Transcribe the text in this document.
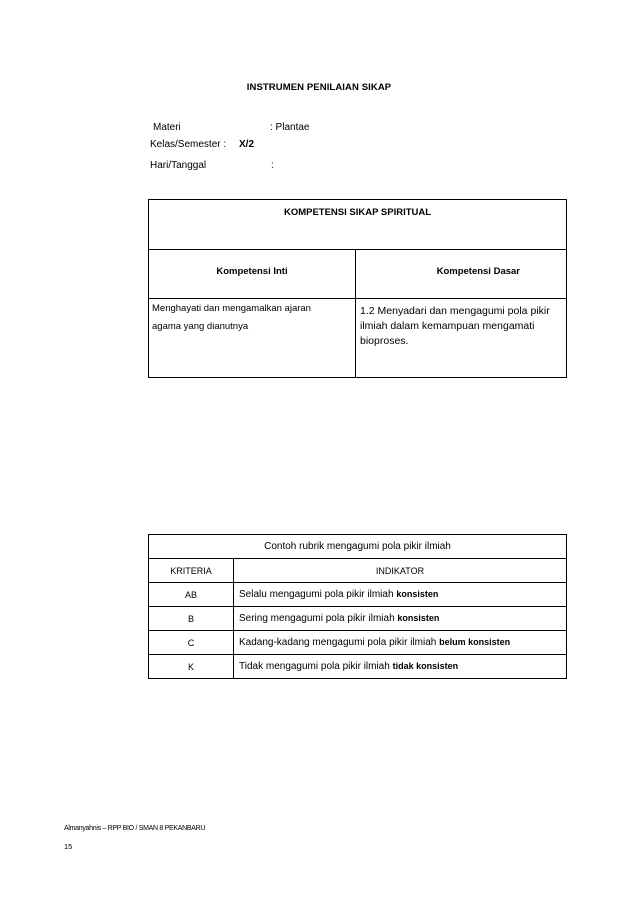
INSTRUMEN PENILAIAN SIKAP
Materi	: Plantae
Kelas/Semester : X/2
Hari/Tanggal	:
KOMPETENSI SIKAP SPIRITUAL	
Kompetensi Inti	Kompetensi Dasar

Menghayati dan mengamalkan ajaran
agama yang dianutnya	1.2 Menyadari dan mengagumi pola pikir ilmiah dalam kemampuan mengamati bioproses.
Contoh rubrik mengagumi pola pikir ilmiah	
KRITERIA	INDIKATOR
AB	Selalu mengagumi pola pikir ilmiah konsisten
B	Sering mengagumi pola pikir ilmiah konsisten
C	Kadang-kadang mengagumi pola pikir ilmiah belum konsisten
K	Tidak mengagumi pola pikir ilmiah tidak konsisten
Almanyahnis – RPP BIO / SMAN 8 PEKANBARU
15
